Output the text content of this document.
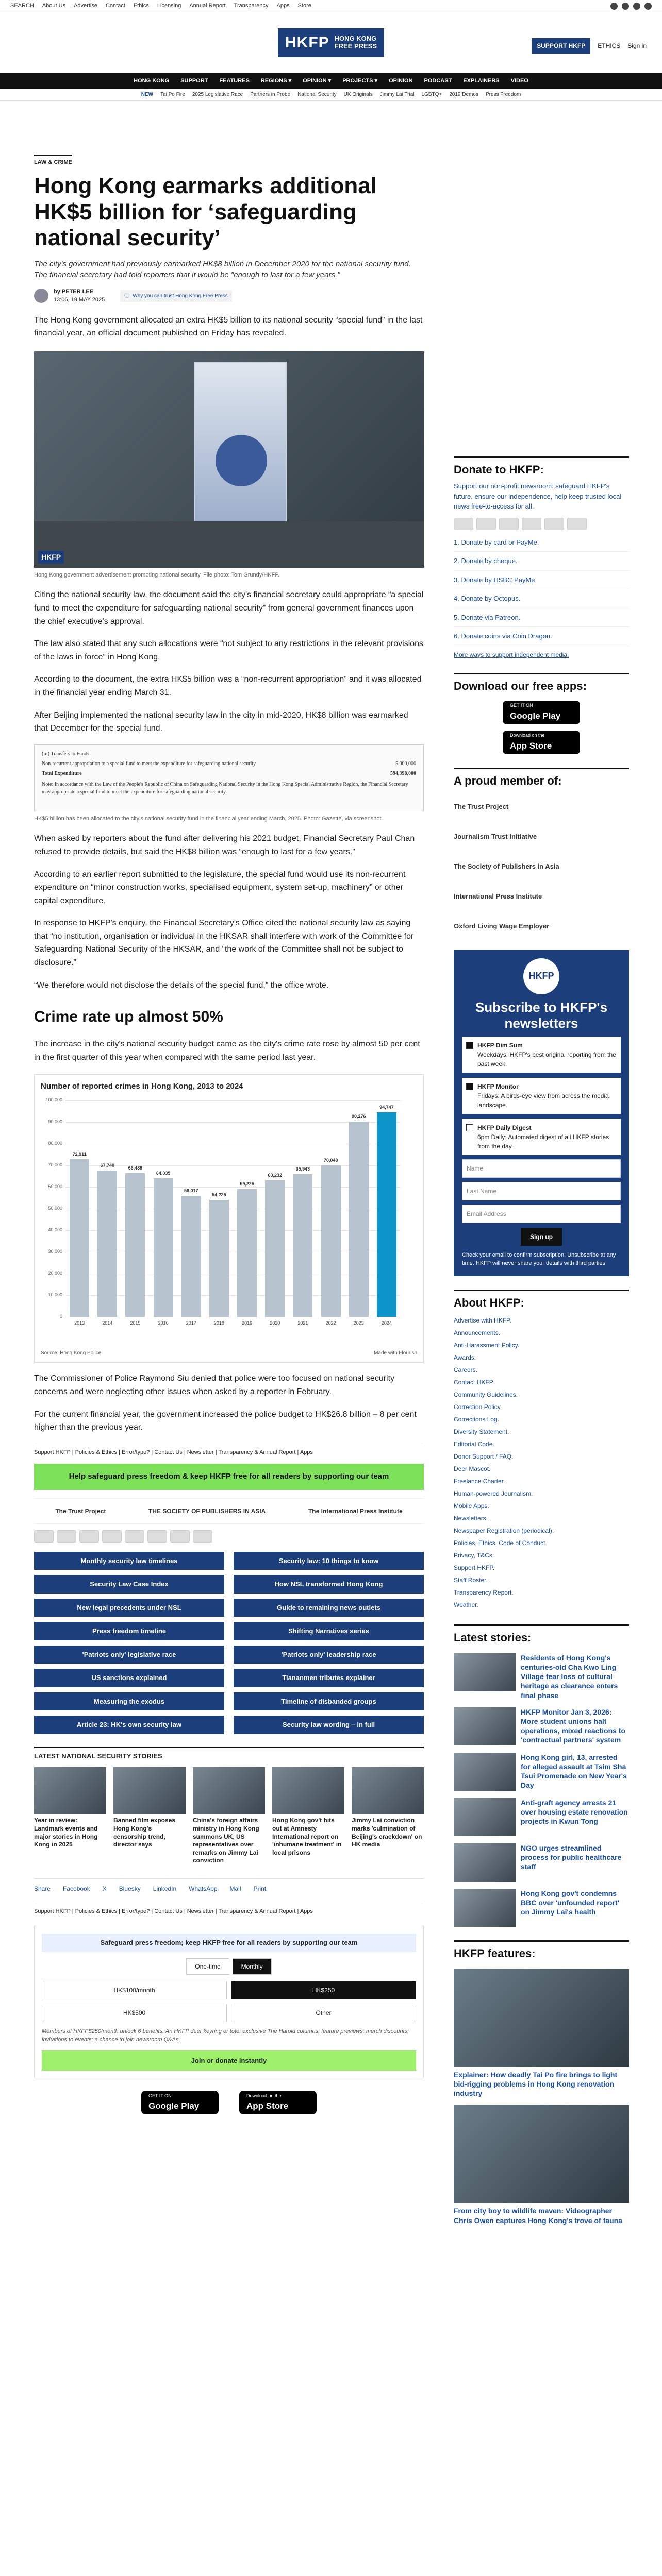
SEARCH About Us Advertise Contact Ethics Licensing Annual Report Transparency Apps Store
HKFP HONG KONG
FREE PRESS	SUPPORT HKFP	ETHICS Sign in
HONG KONG SUPPORT FEATURES REGIONS ▾ OPINION ▾ PROJECTS ▾ OPINION PODCAST EXPLAINERS VIDEO
NEW Tai Po Fire 2025 Legislative Race Partners in Probe National Security UK Originals Jimmy Lai Trial LGBTQ+ 2019 Demos Press Freedom
LAW & CRIME
Hong Kong earmarks additional HK$5 billion for ‘safeguarding national security’
The city's government had previously earmarked HK$8 billion in December 2020 for the national security fund. The financial secretary had told reporters that it would be "enough to last for a few years."
by PETER LEE
13:06, 19 MAY 2025
ⓘ Why you can trust Hong Kong Free Press

The Hong Kong government allocated an extra HK$5 billion to its national security “special fund” in the last financial year, an official document published on Friday has revealed.

HKFP
Hong Kong government advertisement promoting national security. File photo: Tom Grundy/HKFP.

Citing the national security law, the document said the city's financial secretary could appropriate “a special fund to meet the expenditure for safeguarding national security” from general government finances upon the chief executive's approval.

The law also stated that any such allocations were “not subject to any restrictions in the relevant provisions of the laws in force” in Hong Kong.

According to the document, the extra HK$5 billion was a “non-recurrent appropriation” and it was allocated in the financial year ending March 31.

After Beijing implemented the national security law in the city in mid-2020, HK$8 billion was earmarked that December for the special fund.

(iii) Transfers to Funds
Non-recurrent appropriation to a special fund to meet the expenditure for safeguarding national security	5,000,000
Total Expenditure	594,398,000
Note: In accordance with the Law of the People's Republic of China on Safeguarding National Security in the Hong Kong Special Administrative Region, the Financial Secretary may appropriate a special fund to meet the expenditure for safeguarding national security.
HK$5 billion has been allocated to the city's national security fund in the financial year ending March, 2025. Photo: Gazette, via screenshot.

When asked by reporters about the fund after delivering his 2021 budget, Financial Secretary Paul Chan refused to provide details, but said the HK$8 billion was “enough to last for a few years.”

According to an earlier report submitted to the legislature, the special fund would use its non-recurrent expenditure on “minor construction works, specialised equipment, system set-up, machinery” or other capital expenditure.

In response to HKFP's enquiry, the Financial Secretary's Office cited the national security law as saying that “no institution, organisation or individual in the HKSAR shall interfere with work of the Committee for Safeguarding National Security of the HKSAR, and “the work of the Committee shall not be subject to disclosure.”

“We therefore would not disclose the details of the special fund,” the office wrote.

Crime rate up almost 50%

The increase in the city's national security budget came as the city's crime rate rose by almost 50 per cent in the first quarter of this year when compared with the same period last year.

Number of reported crimes in Hong Kong, 2013 to 2024
Source: Hong Kong Police	Made with Flourish
0
10,000
20,000
30,000
40,000
50,000
60,000
70,000
80,000
90,000
100,000
72,911
2013
67,740
2014
66,439
2015
64,035
2016
56,017
2017
54,225
2018
59,225
2019
63,232
2020
65,943
2021
70,048
2022
90,276
2023
94,747
2024

The Commissioner of Police Raymond Siu denied that police were too focused on national security concerns and were neglecting other issues when asked by a reporter in February.

For the current financial year, the government increased the police budget to HK$26.8 billion – 8 per cent higher than the previous year.

Support HKFP | Policies & Ethics | Error/typo? | Contact Us | Newsletter | Transparency & Annual Report | Apps
Help safeguard press freedom & keep HKFP free for all readers by supporting our team
The Trust Project	THE SOCIETY OF PUBLISHERS IN ASIA	The International Press Institute
Monthly security law timelines	Security law: 10 things to know
Security Law Case Index	How NSL transformed Hong Kong
New legal precedents under NSL	Guide to remaining news outlets
Press freedom timeline	Shifting Narratives series
'Patriots only' legislative race	'Patriots only' leadership race
US sanctions explained	Tiananmen tributes explainer
Measuring the exodus	Timeline of disbanded groups
Article 23: HK's own security law	Security law wording – in full
LATEST NATIONAL SECURITY STORIES
Year in review: Landmark events and major stories in Hong Kong in 2025
Banned film exposes Hong Kong's censorship trend, director says
China's foreign affairs ministry in Hong Kong summons UK, US representatives over remarks on Jimmy Lai conviction
Hong Kong gov't hits out at Amnesty International report on 'inhumane treatment' in local prisons
Jimmy Lai conviction marks 'culmination of Beijing's crackdown' on HK media
Share Facebook X Bluesky LinkedIn WhatsApp Mail Print
Support HKFP | Policies & Ethics | Error/typo? | Contact Us | Newsletter | Transparency & Annual Report | Apps
Safeguard press freedom; keep HKFP free for all readers by supporting our team
One-time	Monthly
HK$100/month	HK$250
HK$500	Other
Members of HKFP$250/month unlock 6 benefits: An HKFP deer keyring or tote; exclusive The Harold columns; feature previews; merch discounts; invitations to events; a chance to join newsroom Q&As.
Join or donate instantly
GET IT ON
Google Play
Download on the
App Store
Donate to HKFP:
Support our non-profit newsroom: safeguard HKFP's future, ensure our independence, help keep trusted local news free-to-access for all.
1. Donate by card or PayMe.
2. Donate by cheque.
3. Donate by HSBC PayMe.
4. Donate by Octopus.
5. Donate via Patreon.
6. Donate coins via Coin Dragon.
More ways to support independent media.
Download our free apps:
GET IT ON
Google Play
Download on the
App Store
A proud member of:
The Trust Project
Journalism Trust Initiative
The Society of Publishers in Asia
International Press Institute
Oxford Living Wage Employer
HKFP
Subscribe to HKFP's newsletters
HKFP Dim Sum
Weekdays: HKFP's best original reporting from the past week.
HKFP Monitor
Fridays: A birds-eye view from across the media landscape.
HKFP Daily Digest
6pm Daily: Automated digest of all HKFP stories from the day.
Name
Last Name
Email Address
Sign up
Check your email to confirm subscription. Unsubscribe at any time. HKFP will never share your details with third parties.
About HKFP:
Advertise with HKFP.
Announcements.
Anti-Harassment Policy.
Awards.
Careers.
Contact HKFP.
Community Guidelines.
Correction Policy.
Corrections Log.
Diversity Statement.
Editorial Code.
Donor Support / FAQ.
Deer Mascot.
Freelance Charter.
Human-powered Journalism.
Mobile Apps.
Newsletters.
Newspaper Registration (periodical).
Policies, Ethics, Code of Conduct.
Privacy, T&Cs.
Support HKFP.
Staff Roster.
Transparency Report.
Weather.
Latest stories:
Residents of Hong Kong's centuries-old Cha Kwo Ling Village fear loss of cultural heritage as clearance enters final phase
HKFP Monitor Jan 3, 2026: More student unions halt operations, mixed reactions to 'contractual partners' system
Hong Kong girl, 13, arrested for alleged assault at Tsim Sha Tsui Promenade on New Year's Day
Anti-graft agency arrests 21 over housing estate renovation projects in Kwun Tong
NGO urges streamlined process for public healthcare staff
Hong Kong gov't condemns BBC over 'unfounded report' on Jimmy Lai's health
HKFP features:
Explainer: How deadly Tai Po fire brings to light bid-rigging problems in Hong Kong renovation industry
From city boy to wildlife maven: Videographer Chris Owen captures Hong Kong's trove of fauna
